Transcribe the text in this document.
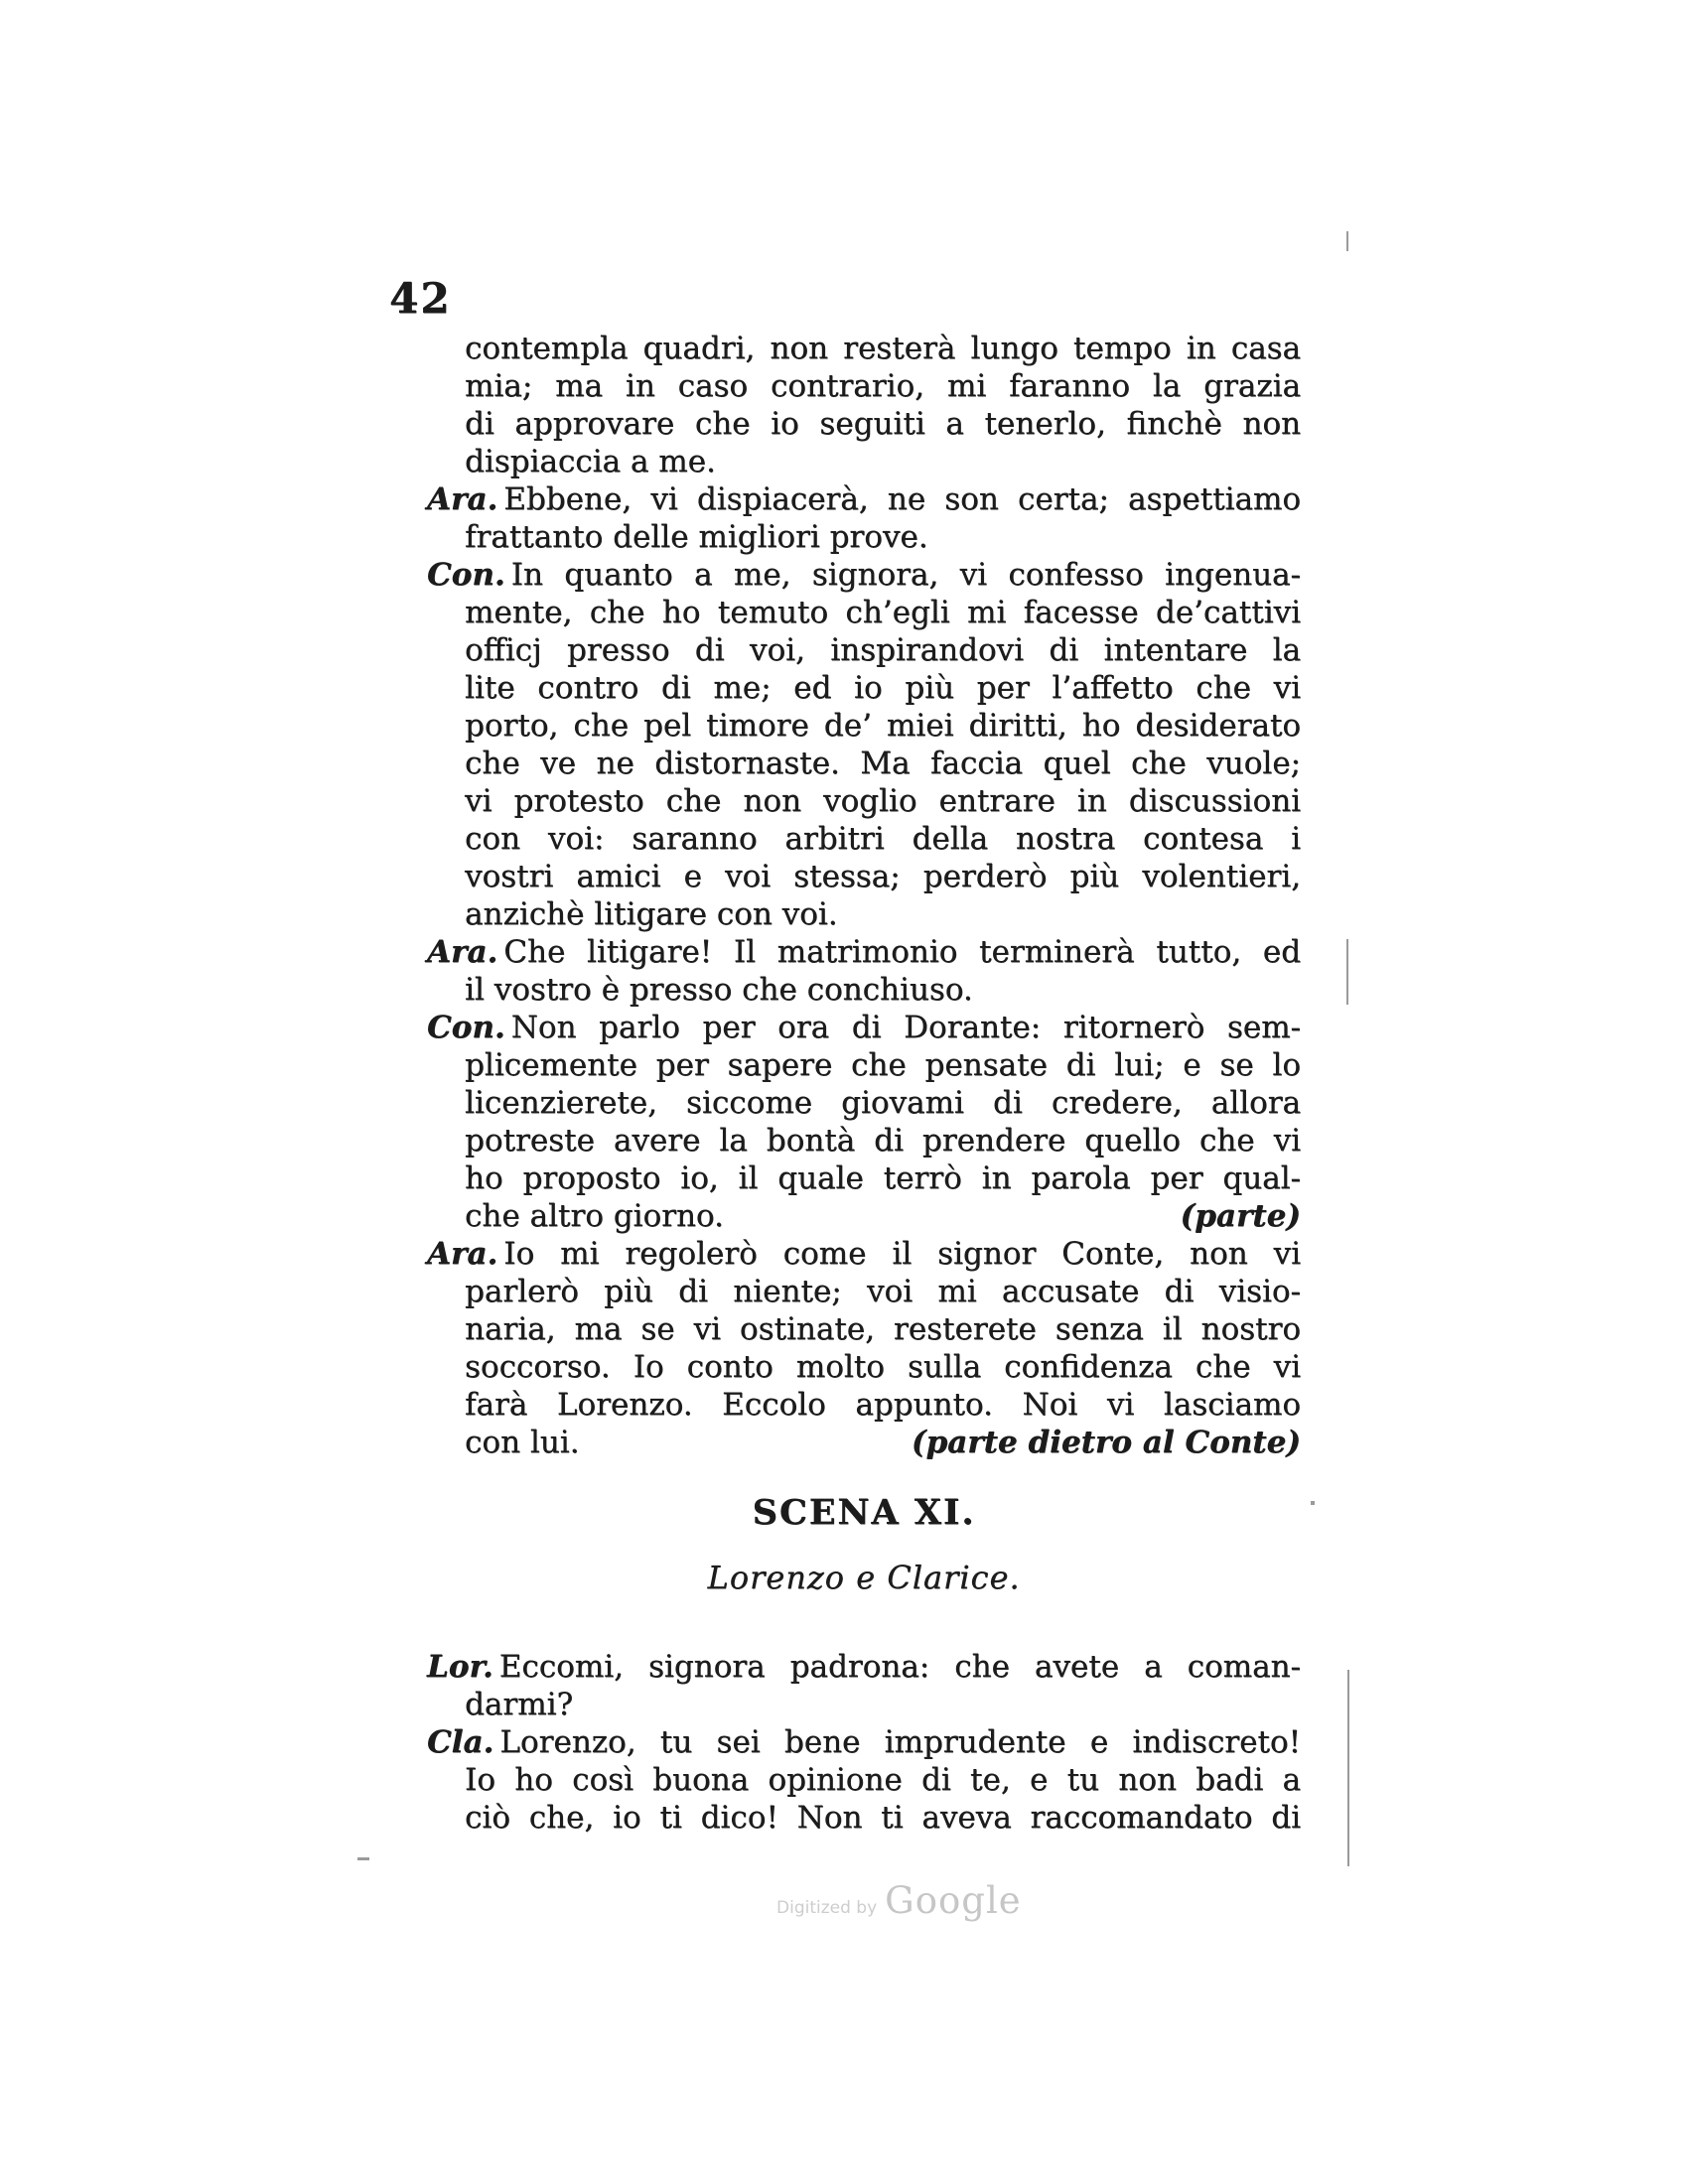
42
contempla quadri, non resterà lungo tempo in casa
mia; ma in caso contrario, mi faranno la grazia
di approvare che io seguiti a tenerlo, finchè non
dispiaccia a me.
Ara. Ebbene, vi dispiacerà, ne son certa; aspettiamo
frattanto delle migliori prove.
Con. In quanto a me, signora, vi confesso ingenua-
mente, che ho temuto ch’egli mi facesse de’cattivi
officj presso di voi, inspirandovi di intentare la
lite contro di me; ed io più per l’affetto che vi
porto, che pel timore de’ miei diritti, ho desiderato
che ve ne distornaste. Ma faccia quel che vuole;
vi protesto che non voglio entrare in discussioni
con voi: saranno arbitri della nostra contesa i
vostri amici e voi stessa; perderò più volentieri,
anzichè litigare con voi.
Ara. Che litigare! Il matrimonio terminerà tutto, ed
il vostro è presso che conchiuso.
Con. Non parlo per ora di Dorante: ritornerò sem-
plicemente per sapere che pensate di lui; e se lo
licenzierete, siccome giovami di credere, allora
potreste avere la bontà di prendere quello che vi
ho proposto io, il quale terrò in parola per qual-
che altro giorno.	(parte)
Ara. Io mi regolerò come il signor Conte, non vi
parlerò più di niente; voi mi accusate di visio-
naria, ma se vi ostinate, resterete senza il nostro
soccorso. Io conto molto sulla confidenza che vi
farà Lorenzo. Eccolo appunto. Noi vi lasciamo
con lui.	(parte dietro al Conte)
SCENA XI.
Lorenzo e Clarice.
Lor. Eccomi, signora padrona: che avete a coman-
darmi?
Cla. Lorenzo, tu sei bene imprudente e indiscreto!
Io ho così buona opinione di te, e tu non badi a
ciò che, io ti dico! Non ti aveva raccomandato di
Digitized by Google
